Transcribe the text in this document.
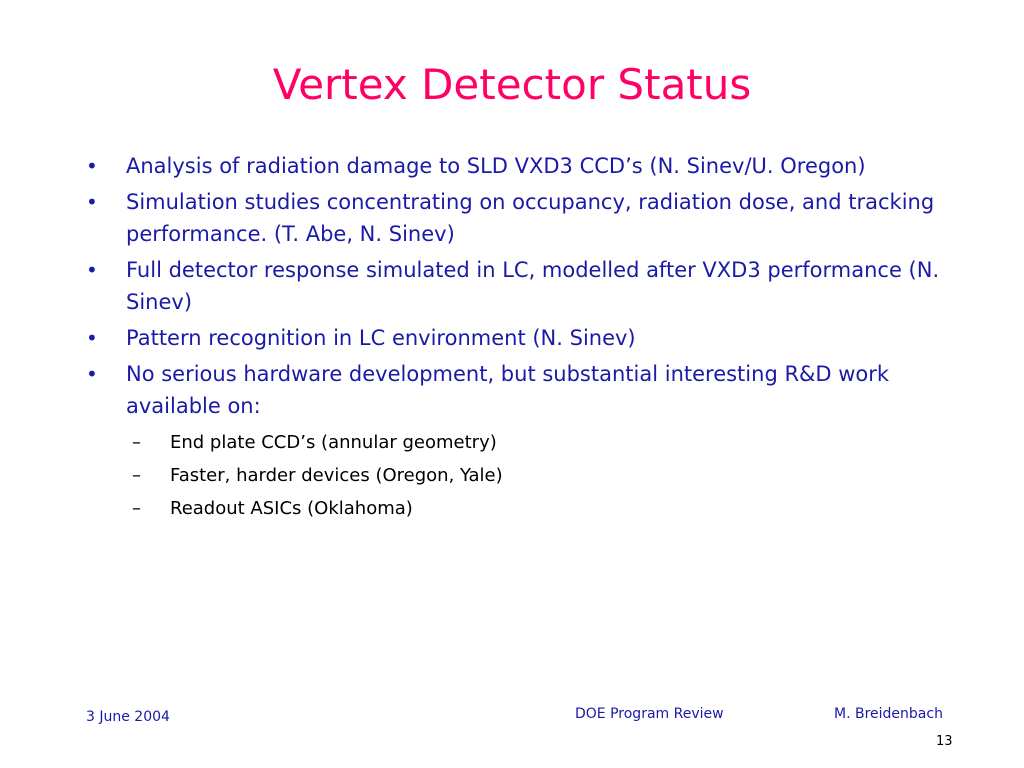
Vertex Detector Status
• Analysis of radiation damage to SLD VXD3 CCD’s (N. Sinev/U. Oregon)
• Simulation studies concentrating on occupancy, radiation dose, and tracking performance. (T. Abe, N. Sinev)
• Full detector response simulated in LC, modelled after VXD3 performance (N. Sinev)
• Pattern recognition in LC environment (N. Sinev)
• No serious hardware development, but substantial interesting R&D work available on:
– End plate CCD’s (annular geometry)
– Faster, harder devices (Oregon, Yale)
– Readout ASICs (Oklahoma)
3 June 2004	DOE Program Review	M. Breidenbach
13
